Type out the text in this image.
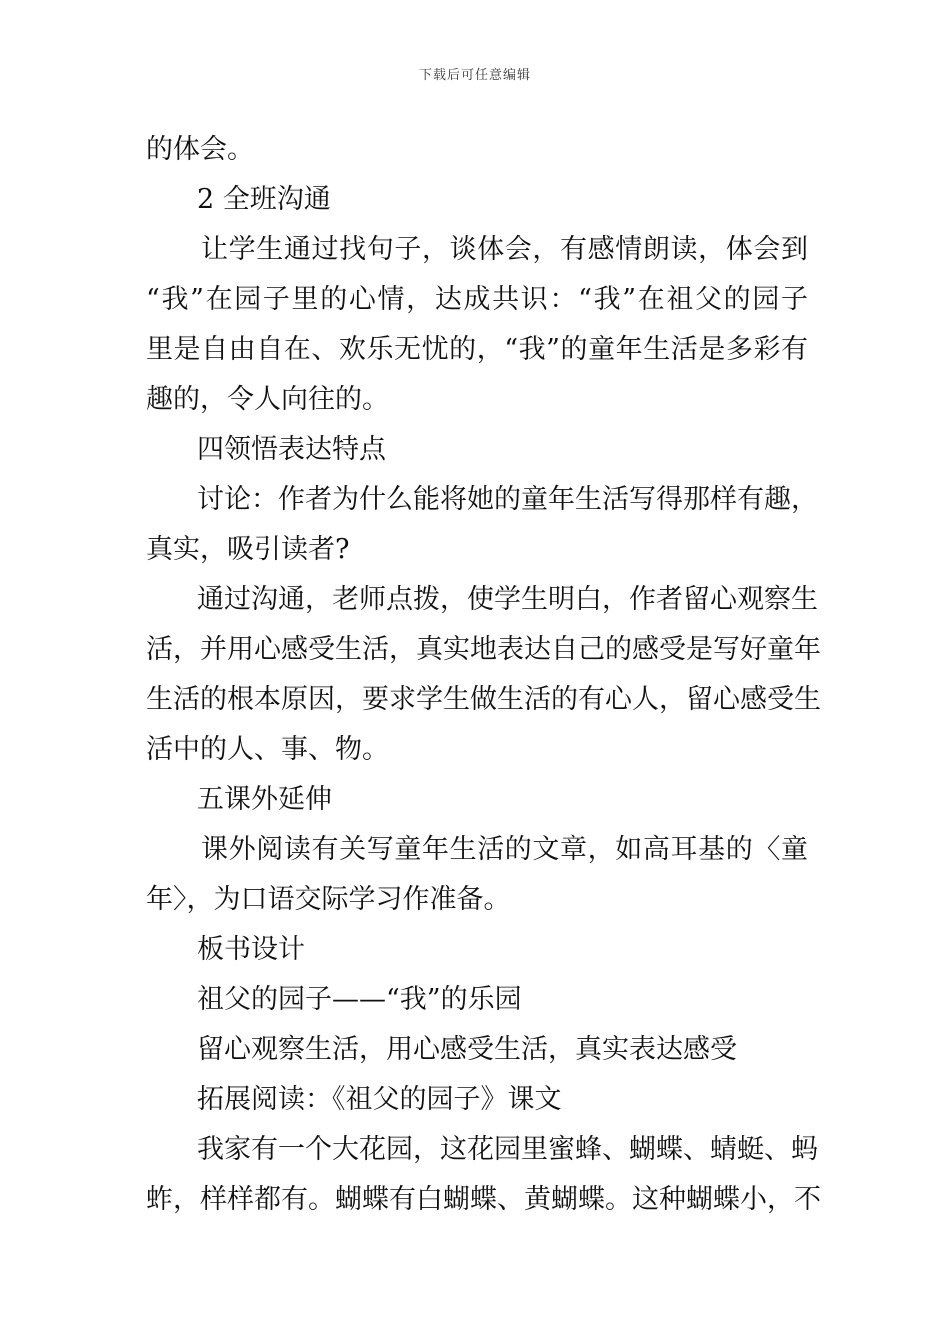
下载后可任意编辑
的体会。
2 全班沟通
让学生通过找句子，谈体会，有感情朗读，体会到
“我”在园子里的心情，达成共识：“我”在祖父的园子
里是自由自在、欢乐无忧的，“我”的童年生活是多彩有
趣的，令人向往的。
四领悟表达特点
讨论：作者为什么能将她的童年生活写得那样有趣，
真实，吸引读者?
通过沟通，老师点拨，使学生明白，作者留心观察生
活，并用心感受生活，真实地表达自己的感受是写好童年
生活的根本原因，要求学生做生活的有心人，留心感受生
活中的人、事、物。
五课外延伸
课外阅读有关写童年生活的文章，如高耳基的〈童
年〉，为口语交际学习作准备。
板书设计
祖父的园子——“我”的乐园
留心观察生活，用心感受生活，真实表达感受
拓展阅读：《祖父的园子》课文
我家有一个大花园，这花园里蜜蜂、蝴蝶、蜻蜓、蚂
蚱，样样都有。蝴蝶有白蝴蝶、黄蝴蝶。这种蝴蝶小，不
